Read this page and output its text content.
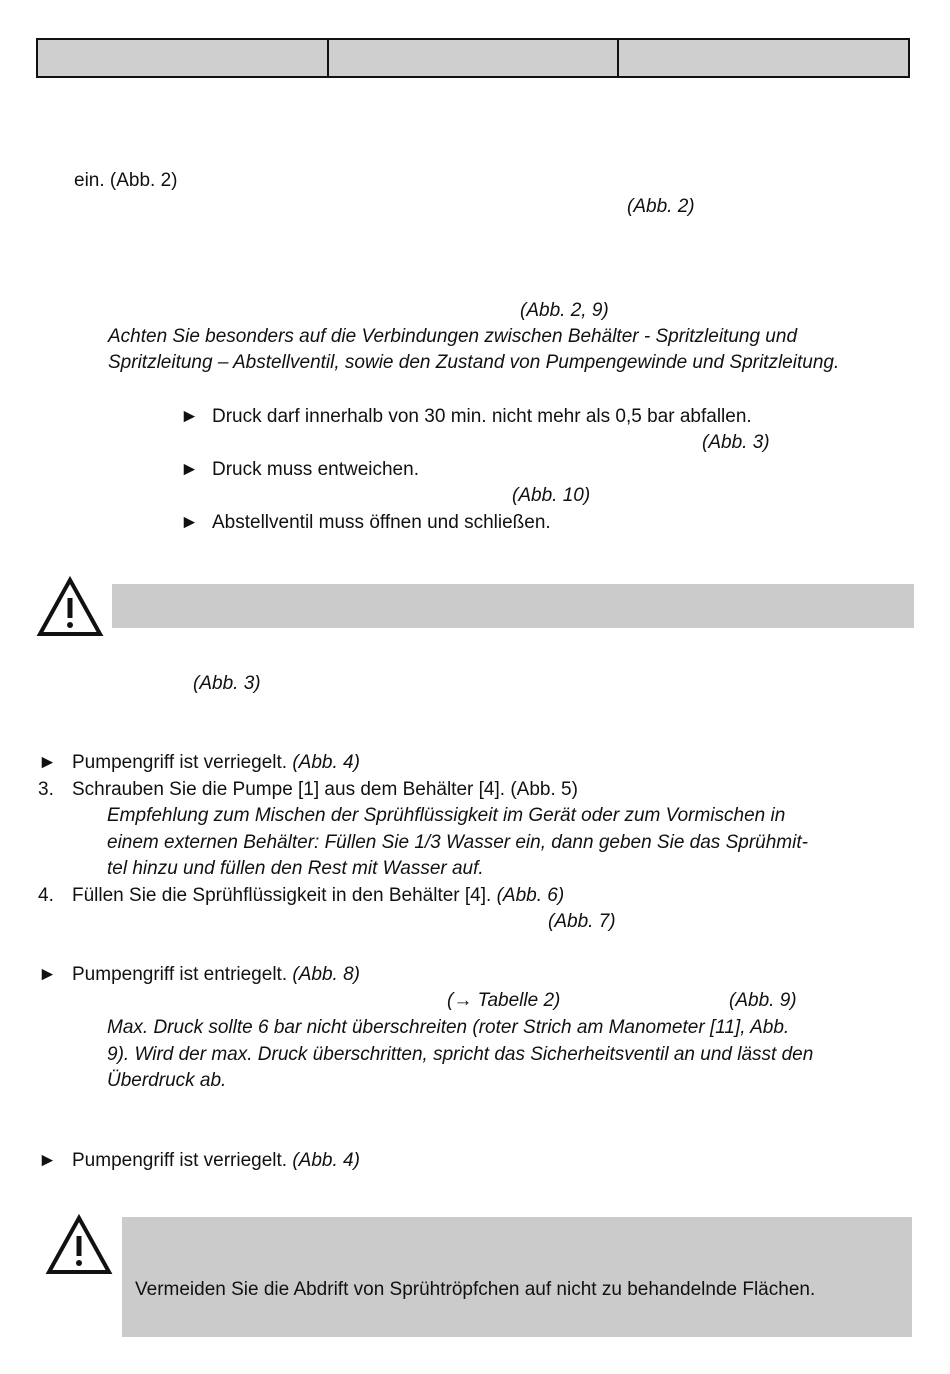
ein. (Abb. 2)
(Abb. 2)
(Abb. 2, 9)
Achten Sie besonders auf die Verbindungen zwischen Behälter - Spritzleitung und
Spritzleitung – Abstellventil, sowie den Zustand von Pumpengewinde und Spritzleitung.
► Druck darf innerhalb von 30 min. nicht mehr als 0,5 bar abfallen.
(Abb. 3)
► Druck muss entweichen.
(Abb. 10)
► Abstellventil muss öffnen und schließen.
(Abb. 3)
► Pumpengriff ist verriegelt. (Abb. 4)
3. Schrauben Sie die Pumpe [1] aus dem Behälter [4]. (Abb. 5)
Empfehlung zum Mischen der Sprühflüssigkeit im Gerät oder zum Vormischen in
einem externen Behälter: Füllen Sie 1/3 Wasser ein, dann geben Sie das Sprühmit-
tel hinzu und füllen den Rest mit Wasser auf.
4. Füllen Sie die Sprühflüssigkeit in den Behälter [4]. (Abb. 6)
(Abb. 7)
► Pumpengriff ist entriegelt. (Abb. 8)
(→ Tabelle 2)	(Abb. 9)
Max. Druck sollte 6 bar nicht überschreiten (roter Strich am Manometer [11], Abb.
9). Wird der max. Druck überschritten, spricht das Sicherheitsventil an und lässt den
Überdruck ab.
► Pumpengriff ist verriegelt. (Abb. 4)
Vermeiden Sie die Abdrift von Sprühtröpfchen auf nicht zu behandelnde Flächen.
